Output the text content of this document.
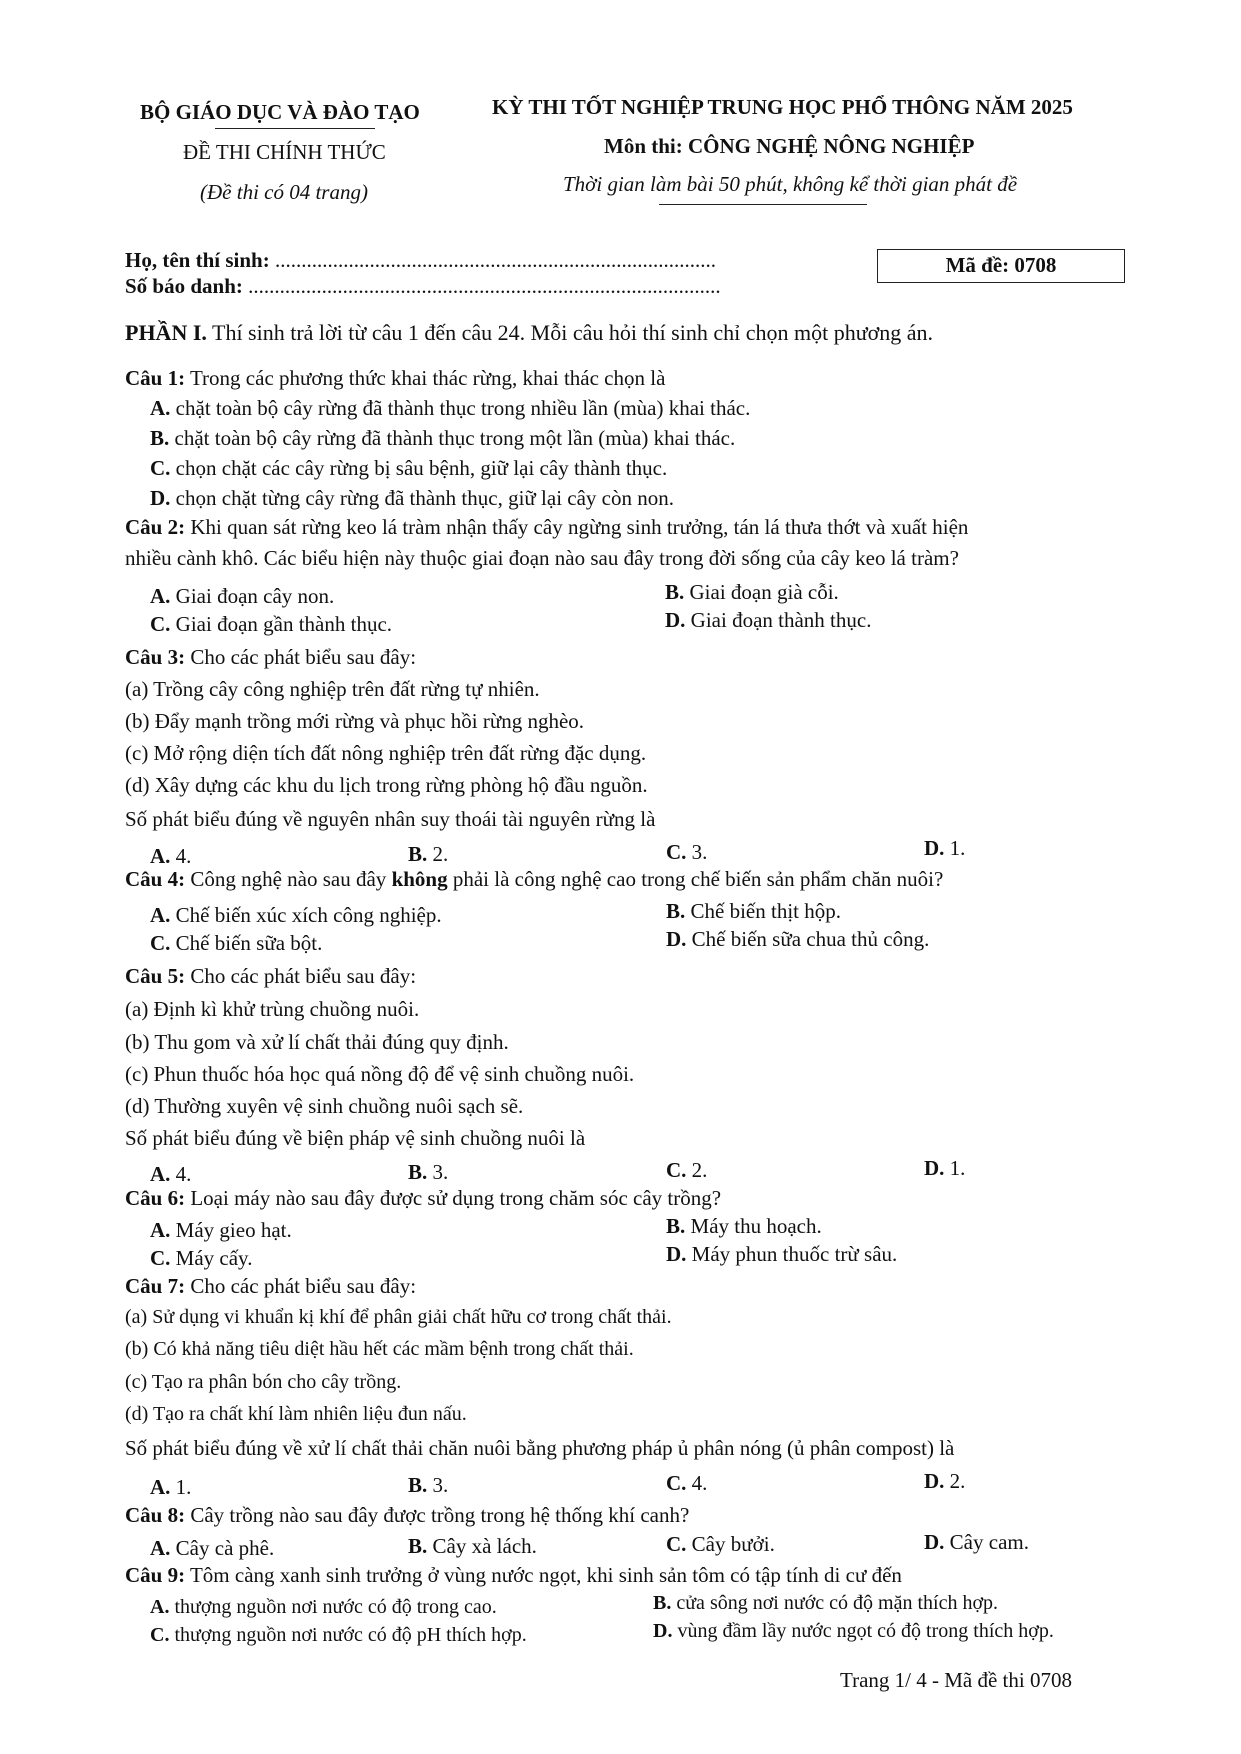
BỘ GIÁO DỤC VÀ ĐÀO TẠO
ĐỀ THI CHÍNH THỨC
(Đề thi có 04 trang)
KỲ THI TỐT NGHIỆP TRUNG HỌC PHỔ THÔNG NĂM 2025
Môn thi: CÔNG NGHỆ NÔNG NGHIỆP
Thời gian làm bài 50 phút, không kể thời gian phát đề
Họ, tên thí sinh: ....................................................................................
Số báo danh: ..........................................................................................
Mã đề: 0708
PHẦN I. Thí sinh trả lời từ câu 1 đến câu 24. Mỗi câu hỏi thí sinh chỉ chọn một phương án.
Câu 1: Trong các phương thức khai thác rừng, khai thác chọn là
A. chặt toàn bộ cây rừng đã thành thục trong nhiều lần (mùa) khai thác.
B. chặt toàn bộ cây rừng đã thành thục trong một lần (mùa) khai thác.
C. chọn chặt các cây rừng bị sâu bệnh, giữ lại cây thành thục.
D. chọn chặt từng cây rừng đã thành thục, giữ lại cây còn non.
Câu 2: Khi quan sát rừng keo lá tràm nhận thấy cây ngừng sinh trưởng, tán lá thưa thớt và xuất hiện
nhiều cành khô. Các biểu hiện này thuộc giai đoạn nào sau đây trong đời sống của cây keo lá tràm?
A. Giai đoạn cây non.	B. Giai đoạn già cỗi.
C. Giai đoạn gần thành thục.	D. Giai đoạn thành thục.
Câu 3: Cho các phát biểu sau đây:
(a) Trồng cây công nghiệp trên đất rừng tự nhiên.
(b) Đẩy mạnh trồng mới rừng và phục hồi rừng nghèo.
(c) Mở rộng diện tích đất nông nghiệp trên đất rừng đặc dụng.
(d) Xây dựng các khu du lịch trong rừng phòng hộ đầu nguồn.
Số phát biểu đúng về nguyên nhân suy thoái tài nguyên rừng là
A. 4.	B. 2.	C. 3.	D. 1.
Câu 4: Công nghệ nào sau đây không phải là công nghệ cao trong chế biến sản phẩm chăn nuôi?
A. Chế biến xúc xích công nghiệp.	B. Chế biến thịt hộp.
C. Chế biến sữa bột.	D. Chế biến sữa chua thủ công.
Câu 5: Cho các phát biểu sau đây:
(a) Định kì khử trùng chuồng nuôi.
(b) Thu gom và xử lí chất thải đúng quy định.
(c) Phun thuốc hóa học quá nồng độ để vệ sinh chuồng nuôi.
(d) Thường xuyên vệ sinh chuồng nuôi sạch sẽ.
Số phát biểu đúng về biện pháp vệ sinh chuồng nuôi là
A. 4.	B. 3.	C. 2.	D. 1.
Câu 6: Loại máy nào sau đây được sử dụng trong chăm sóc cây trồng?
A. Máy gieo hạt.	B. Máy thu hoạch.
C. Máy cấy.	D. Máy phun thuốc trừ sâu.
Câu 7: Cho các phát biểu sau đây:
(a) Sử dụng vi khuẩn kị khí để phân giải chất hữu cơ trong chất thải.
(b) Có khả năng tiêu diệt hầu hết các mầm bệnh trong chất thải.
(c) Tạo ra phân bón cho cây trồng.
(d) Tạo ra chất khí làm nhiên liệu đun nấu.
Số phát biểu đúng về xử lí chất thải chăn nuôi bằng phương pháp ủ phân nóng (ủ phân compost) là
A. 1.	B. 3.	C. 4.	D. 2.
Câu 8: Cây trồng nào sau đây được trồng trong hệ thống khí canh?
A. Cây cà phê.	B. Cây xà lách.	C. Cây bưởi.	D. Cây cam.
Câu 9: Tôm càng xanh sinh trưởng ở vùng nước ngọt, khi sinh sản tôm có tập tính di cư đến
A. thượng nguồn nơi nước có độ trong cao.	B. cửa sông nơi nước có độ mặn thích hợp.
C. thượng nguồn nơi nước có độ pH thích hợp.	D. vùng đầm lầy nước ngọt có độ trong thích hợp.
Trang 1/ 4 - Mã đề thi 0708
